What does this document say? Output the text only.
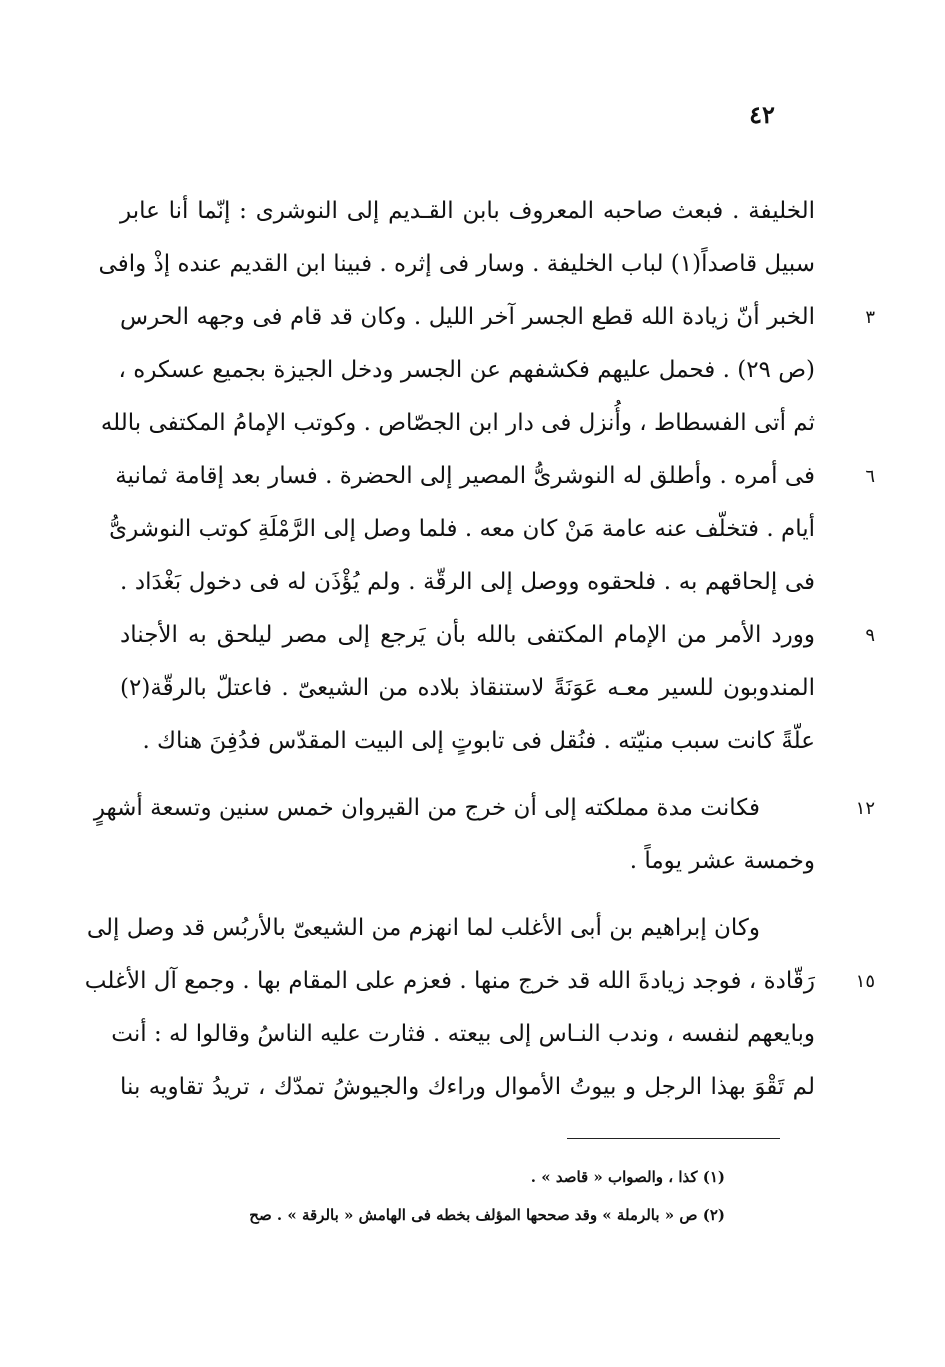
٤٢
الخليفة . فبعث صاحبه المعروف بابن القـديم إلى النوشرى : إنّما أنا عابر
سبيل قاصداً(١) لباب الخليفة . وسار فى إثره . فبينا ابن القديم عنده إذْ وافى
الخبر أنّ زيادة الله قطع الجسر آخر الليل . وكان قد قام فى وجهه الحرس	٣
(ص ٢٩) . فحمل عليهم فكشفهم عن الجسر ودخل الجيزة بجميع عسكره ،
ثم أتى الفسطاط ، وأُنزل فى دار ابن الجصّاص . وكوتب الإمامُ المكتفى بالله
فى أمره . وأطلق له النوشرىُّ المصير إلى الحضرة . فسار بعد إقامة ثمانية	٦
أيام . فتخلّف عنه عامة مَنْ كان معه . فلما وصل إلى الرَّمْلَةِ كوتب النوشرىُّ
فى إلحاقهم به . فلحقوه ووصل إلى الرقّة . ولم يُؤْذَن له فى دخول بَغْدَاد .
وورد الأمر من الإمام المكتفى بالله بأن يَرجع إلى مصر ليلحق به الأجناد	٩
المندوبون للسير معـه عَوَنَةً لاستنقاذ بلاده من الشيعىّ . فاعتلّ بالرقّة(٢)
علّةً كانت سبب منيّته . فنُقل فى تابوتٍ إلى البيت المقدّس فدُفِنَ هناك .
فكانت مدة مملكته إلى أن خرج من القيروان خمس سنين وتسعة أشهرٍ	١٢
وخمسة عشر يوماً .
وكان إبراهيم بن أبى الأغلب لما انهزم من الشيعىّ بالأربُس قد وصل إلى
رَقّادة ، فوجد زيادةَ الله قد خرج منها . فعزم على المقام بها . وجمع آل الأغلب	١٥
وبايعهم لنفسه ، وندب النـاس إلى بيعته . فثارت عليه الناسُ وقالوا له : أنت
لم تَقْوَ بهذا الرجل و بيوتُ الأموال وراءك والجيوشُ تمدّك ، تريدُ تقاويه بنا
(١) كذا ، والصواب « قاصد » .
(٢) ص « بالرملة » وقد صححها المؤلف بخطه فى الهامش « بالرقة » . صح
